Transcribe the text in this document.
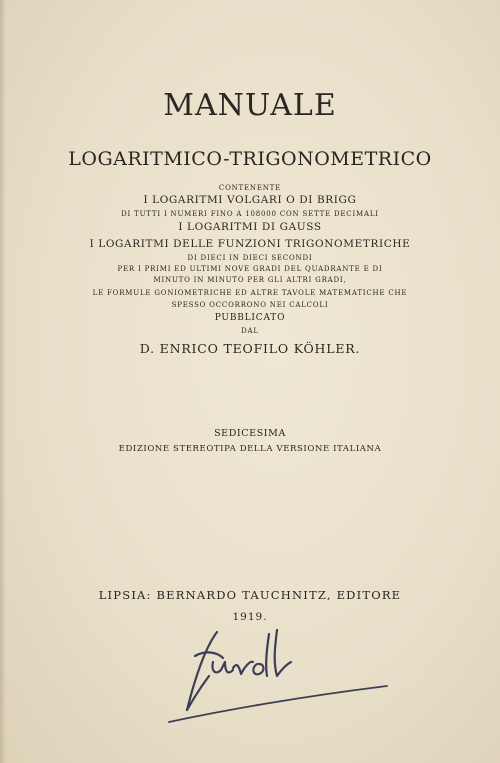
MANUALE
LOGARITMICO-TRIGONOMETRICO
CONTENENTE
I LOGARITMI VOLGARI O DI BRIGG
DI TUTTI I NUMERI FINO A 108000 CON SETTE DECIMALI
I LOGARITMI DI GAUSS
I LOGARITMI DELLE FUNZIONI TRIGONOMETRICHE
DI DIECI IN DIECI SECONDI
PER I PRIMI ED ULTIMI NOVE GRADI DEL QUADRANTE E DI
MINUTO IN MINUTO PER GLI ALTRI GRADI,
LE FORMULE GONIOMETRICHE ED ALTRE TAVOLE MATEMATICHE CHE
SPESSO OCCORRONO NEI CALCOLI
PUBBLICATO
DAL
D. ENRICO TEOFILO KÖHLER.
SEDICESIMA
EDIZIONE STEREOTIPA DELLA VERSIONE ITALIANA
LIPSIA: BERNARDO TAUCHNITZ, EDITORE
1919.
